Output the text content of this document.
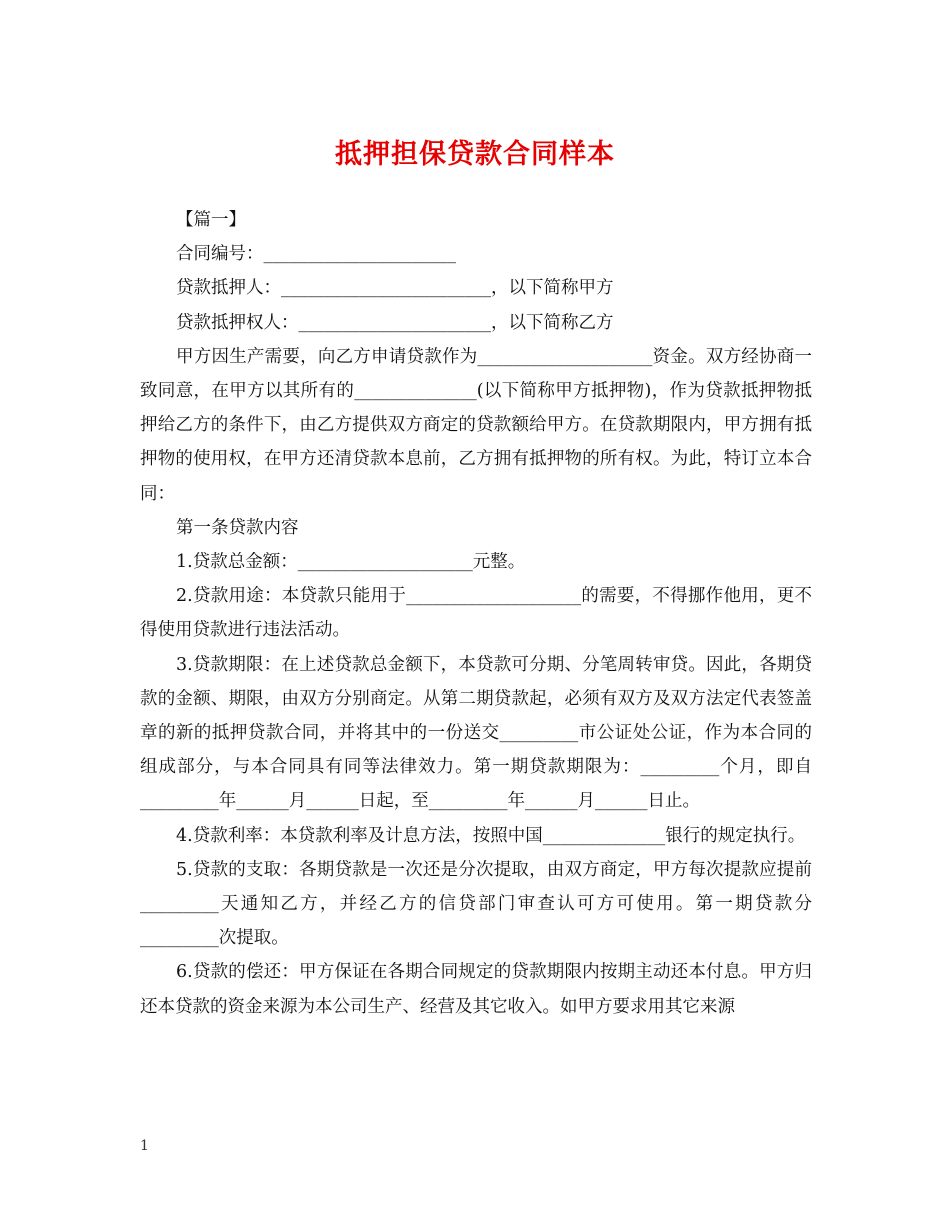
抵押担保贷款合同样本

【篇一】

合同编号：______________________

贷款抵押人：________________________，以下简称甲方

贷款抵押权人：______________________，以下简称乙方

甲方因生产需要，向乙方申请贷款作为____________________资金。双方经协商一致同意，在甲方以其所有的______________(以下简称甲方抵押物)，作为贷款抵押物抵押给乙方的条件下，由乙方提供双方商定的贷款额给甲方。在贷款期限内，甲方拥有抵押物的使用权，在甲方还清贷款本息前，乙方拥有抵押物的所有权。为此，特订立本合同：

第一条贷款内容

1.贷款总金额：____________________元整。

2.贷款用途：本贷款只能用于____________________的需要，不得挪作他用，更不得使用贷款进行违法活动。

3.贷款期限：在上述贷款总金额下，本贷款可分期、分笔周转审贷。因此，各期贷款的金额、期限，由双方分别商定。从第二期贷款起，必须有双方及双方法定代表签盖章的新的抵押贷款合同，并将其中的一份送交_________市公证处公证，作为本合同的组成部分，与本合同具有同等法律效力。第一期贷款期限为：_________个月，即自_________年______月______日起，至_________年______月______日止。

4.贷款利率：本贷款利率及计息方法，按照中国______________银行的规定执行。

5.贷款的支取：各期贷款是一次还是分次提取，由双方商定，甲方每次提款应提前_________天通知乙方，并经乙方的信贷部门审查认可方可使用。第一期贷款分_________次提取。

6.贷款的偿还：甲方保证在各期合同规定的贷款期限内按期主动还本付息。甲方归还本贷款的资金来源为本公司生产、经营及其它收入。如甲方要求用其它来源

1
